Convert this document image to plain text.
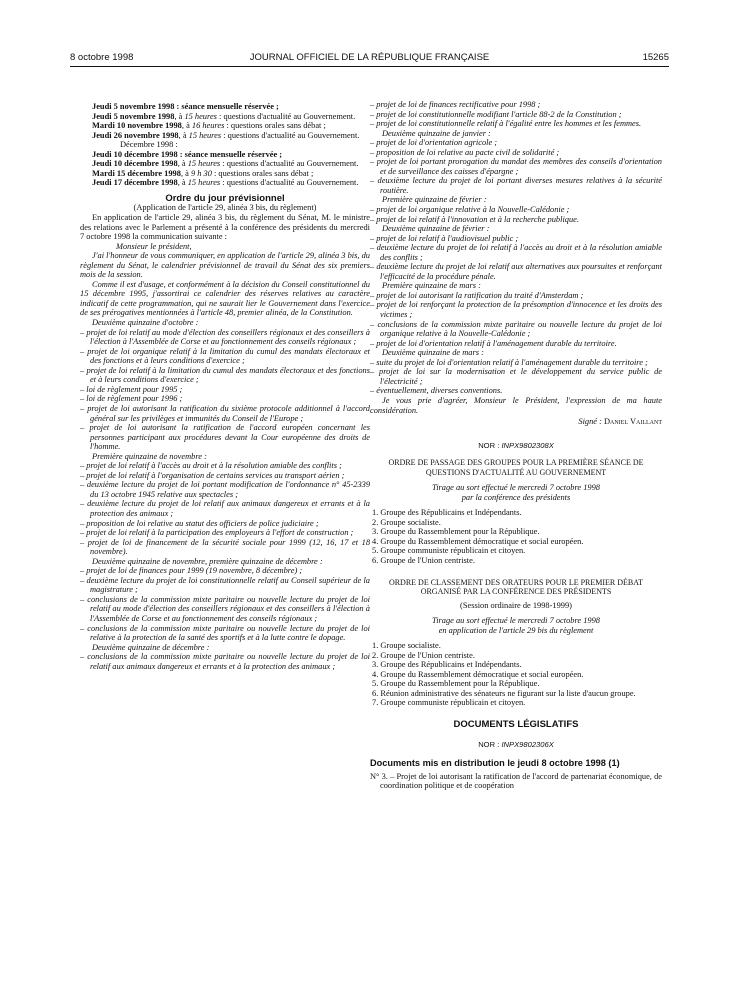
8 octobre 1998	JOURNAL OFFICIEL DE LA RÉPUBLIQUE FRANÇAISE	15265

Jeudi 5 novembre 1998 : séance mensuelle réservée ;

Jeudi 5 novembre 1998, à 15 heures : questions d'actualité au Gouvernement.

Mardi 10 novembre 1998, à 16 heures : questions orales sans débat ;

Jeudi 26 novembre 1998, à 15 heures : questions d'actualité au Gouvernement.

Décembre 1998 :

Jeudi 10 décembre 1998 : séance mensuelle réservée ;

Jeudi 10 décembre 1998, à 15 heures : questions d'actualité au Gouvernement.

Mardi 15 décembre 1998, à 9 h 30 : questions orales sans débat ;

Jeudi 17 décembre 1998, à 15 heures : questions d'actualité au Gouvernement.

Ordre du jour prévisionnel

(Application de l'article 29, alinéa 3 bis, du règlement)

En application de l'article 29, alinéa 3 bis, du règlement du Sénat, M. le ministre des relations avec le Parlement a présenté à la conférence des présidents du mercredi 7 octobre 1998 la communication suivante :

Monsieur le président,

J'ai l'honneur de vous communiquer, en application de l'article 29, alinéa 3 bis, du règlement du Sénat, le calendrier prévisionnel de travail du Sénat des six premiers mois de la session.

Comme il est d'usage, et conformément à la décision du Conseil constitutionnel du 15 décembre 1995, j'assortirai ce calendrier des réserves relatives au caractère indicatif de cette programmation, qui ne saurait lier le Gouvernement dans l'exercice de ses prérogatives mentionnées à l'article 48, premier alinéa, de la Constitution.

Deuxième quinzaine d'octobre :

– projet de loi relatif au mode d'élection des conseillers régionaux et des conseillers à l'élection à l'Assemblée de Corse et au fonctionnement des conseils régionaux ;

– projet de loi organique relatif à la limitation du cumul des mandats électoraux et des fonctions et à leurs conditions d'exercice ;

– projet de loi relatif à la limitation du cumul des mandats électoraux et des fonctions et à leurs conditions d'exercice ;

– loi de règlement pour 1995 ;

– loi de règlement pour 1996 ;

– projet de loi autorisant la ratification du sixième protocole additionnel à l'accord général sur les privilèges et immunités du Conseil de l'Europe ;

– projet de loi autorisant la ratification de l'accord européen concernant les personnes participant aux procédures devant la Cour européenne des droits de l'homme.

Première quinzaine de novembre :

– projet de loi relatif à l'accès au droit et à la résolution amiable des conflits ;

– projet de loi relatif à l'organisation de certains services au transport aérien ;

– deuxième lecture du projet de loi portant modification de l'ordonnance n° 45-2339 du 13 octobre 1945 relative aux spectacles ;

– deuxième lecture du projet de loi relatif aux animaux dangereux et errants et à la protection des animaux ;

– proposition de loi relative au statut des officiers de police judiciaire ;

– projet de loi relatif à la participation des employeurs à l'effort de construction ;

– projet de loi de financement de la sécurité sociale pour 1999 (12, 16, 17 et 18 novembre).

Deuxième quinzaine de novembre, première quinzaine de décembre :

– projet de loi de finances pour 1999 (19 novembre, 8 décembre) ;

– deuxième lecture du projet de loi constitutionnelle relatif au Conseil supérieur de la magistrature ;

– conclusions de la commission mixte paritaire ou nouvelle lecture du projet de loi relatif au mode d'élection des conseillers régionaux et des conseillers à l'élection à l'Assemblée de Corse et au fonctionnement des conseils régionaux ;

– conclusions de la commission mixte paritaire ou nouvelle lecture du projet de loi relative à la protection de la santé des sportifs et à la lutte contre le dopage.

Deuxième quinzaine de décembre :

– conclusions de la commission mixte paritaire ou nouvelle lecture du projet de loi relatif aux animaux dangereux et errants et à la protection des animaux ;

– projet de loi de finances rectificative pour 1998 ;

– projet de loi constitutionnelle modifiant l'article 88-2 de la Constitution ;

– projet de loi constitutionnelle relatif à l'égalité entre les hommes et les femmes.

Deuxième quinzaine de janvier :

– projet de loi d'orientation agricole ;

– proposition de loi relative au pacte civil de solidarité ;

– projet de loi portant prorogation du mandat des membres des conseils d'orientation et de surveillance des caisses d'épargne ;

– deuxième lecture du projet de loi portant diverses mesures relatives à la sécurité routière.

Première quinzaine de février :

– projet de loi organique relative à la Nouvelle-Calédonie ;

– projet de loi relatif à l'innovation et à la recherche publique.

Deuxième quinzaine de février :

– projet de loi relatif à l'audiovisuel public ;

– deuxième lecture du projet de loi relatif à l'accès au droit et à la résolution amiable des conflits ;

– deuxième lecture du projet de loi relatif aux alternatives aux poursuites et renforçant l'efficacité de la procédure pénale.

Première quinzaine de mars :

– projet de loi autorisant la ratification du traité d'Amsterdam ;

– projet de loi renforçant la protection de la présomption d'innocence et les droits des victimes ;

– conclusions de la commission mixte paritaire ou nouvelle lecture du projet de loi organique relative à la Nouvelle-Calédonie ;

– projet de loi d'orientation relatif à l'aménagement durable du territoire.

Deuxième quinzaine de mars :

– suite du projet de loi d'orientation relatif à l'aménagement durable du territoire ;

– projet de loi sur la modernisation et le développement du service public de l'électricité ;

– éventuellement, diverses conventions.

Je vous prie d'agréer, Monsieur le Président, l'expression de ma haute considération.

Signé : Daniel Vaillant

NOR : INPX9802308X

ORDRE DE PASSAGE DES GROUPES POUR LA PREMIÈRE SÉANCE DE QUESTIONS D'ACTUALITÉ AU GOUVERNEMENT

Tirage au sort effectué le mercredi 7 octobre 1998

par la conférence des présidents

1. Groupe des Républicains et Indépendants.
2. Groupe socialiste.
3. Groupe du Rassemblement pour la République.
4. Groupe du Rassemblement démocratique et social européen.
5. Groupe communiste républicain et citoyen.
6. Groupe de l'Union centriste.

ORDRE DE CLASSEMENT DES ORATEURS POUR LE PREMIER DÉBAT ORGANISÉ PAR LA CONFÉRENCE DES PRÉSIDENTS

(Session ordinaire de 1998-1999)

Tirage au sort effectué le mercredi 7 octobre 1998

en application de l'article 29 bis du règlement

1. Groupe socialiste.
2. Groupe de l'Union centriste.
3. Groupe des Républicains et Indépendants.
4. Groupe du Rassemblement démocratique et social européen.
5. Groupe du Rassemblement pour la République.
6. Réunion administrative des sénateurs ne figurant sur la liste d'aucun groupe.
7. Groupe communiste républicain et citoyen.

DOCUMENTS LÉGISLATIFS

NOR : INPX9802306X

Documents mis en distribution le jeudi 8 octobre 1998 (1)

N° 3. – Projet de loi autorisant la ratification de l'accord de partenariat économique, de coordination politique et de coopération
